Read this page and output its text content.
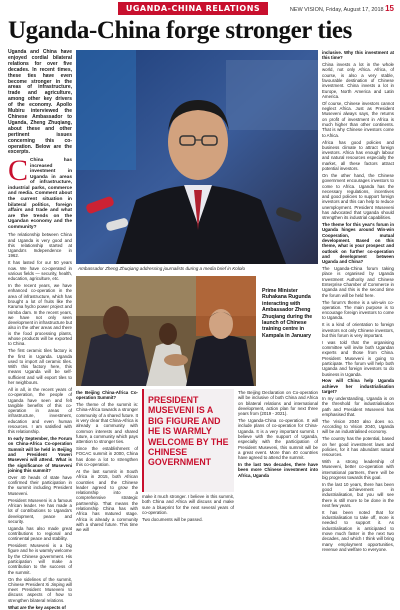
UGANDA-CHINA RELATIONS	NEW VISION, Friday, August 17, 2018 15
Uganda-China forge stronger ties

Uganda and China have enjoyed cordial bilateral relations for over five decades. In recent times, these ties have even become stronger in the areas of infrastructure, trade and agriculture, among other key drivers of the economy. Apollo Mubiru interviewed the Chinese Ambassador to Uganda, Zheng Zhuqiang, about these and other pertinent issues concerning this co-operation. Below are the excerpts.

C China has increased investment in Uganda in areas of infrastructure, industrial parks, commerce and media. Comment about the current situation in bilateral politics, foreign affairs and trade and what are the trends on the Ugandan economy and the community?

The relationship between China and Uganda is very good and this relationship started at Uganda's Independence in 1962.

It has lasted for our 50 years now. We have co-operated in various fields — security, health, education, agriculture, etc.

In the recent years, we have enhanced co-operation in the area of infrastructure, which has brought a lot of fruits like the Karuma hydro power project and Isimba dam. In the recent years, we have not only seen development in infrastructure but also in the other areas and there is the food processing plants, whose products will be exported to China.

The first ceramic tiles factory is the first in Uganda. Uganda used to import all ceramic tiles. With this factory here, this means Uganda will be self-sufficient and will export tiles to her neighbours.

All in all, in the recent years of co-operation, the people of Uganda have seen and felt tangible benefits of this co-operation in areas of infrastructure, investment, education and even human resources. I am satisfied with this relationship.

In early September, the Forum on China-Africa Co-operation Summit will be held in Beijing and President Yoweri Museveni will attend. What is the significance of Museveni joining this summit?

Over 40 heads of state have confirmed their participation in the summit including President Museveni.

President Museveni is a famous African leader. He has made a lot of contributions to Uganda's development, peace and security.

Uganda has also made great contributions to regional and continental peace and stability.

President Museveni is a big figure and he is warmly welcome by the Chinese government. His participation will make a contribution to the success of the summit.

On the sidelines of the summit, Chinese President Xi Jinping will meet President Museveni to discuss aspects of how to strengthen bilateral relations.

What are the key aspects of

Ambassador Zheng Zhuqiang addressing journalists during a media brief in Kololo

inclusive. Why this investment at this time?

China invests a lot in the whole world, not only Africa. Africa, of course, is also a very stable, favourable destination of Chinese investment. China invests a lot in Europe, North America and Latin America.

Of course, Chinese investors cannot neglect Africa. Just as President Museveni always says, the returns on profit of investment in Africa is much higher than other continents. That is why Chinese investors come to Africa.

Africa has good policies and business climate to attract foreign investors. Africa has enough labour and natural resources especially the market, all these factors attract potential investors.

On the other hand, the Chinese government encourages investors to come to Africa. Uganda has the necessary regulations, incentives and good policies to support foreign investors and this can help to reduce unemployment. President Museveni has advocated that Uganda should strengthen its industrial capabilities.

The theme for this year's forum in Uganda hinges around Win-win Cooperation, mutual development. Based on this theme, what is your prospect and outlook on further co-operation and development between Uganda and China?

The Uganda-China forum taking place is organised by Uganda Investment Authority and Chinese Enterprise Chamber of Commerce in Uganda and this is the second time the forum will be held here.

The forum's theme is a win-win co-operation. The main purpose is to encourage foreign investors to come to Uganda.

It is a kind of orientation to foreign investors not only Chinese investors, but this forum is very important.

I was told that the organising committee will invite both Ugandan experts and those from China. President Museveni is going to participate. The forum will help both Uganda and foreign investors to do business in Uganda.

How will China help Uganda achieve her industrialisation target?

In my understanding, Uganda is on the threshold for industrialisation path and President Museveni has emphasised that.

The Vision 2040 also does so. According to Vision 2040, Uganda will be an industrialised economy.

The country has the potential, based on her good investment laws and policies, for it has abundant natural resources.

With a strong leadership of Museveni, better co-operation with international partners, there will be big progress towards this goal.

In the last 10 years, there has been good achievement in industrialisation, but you will see there is still more to be done in the next few years.

It has been noted that for industrialisation to take off, more is needed to support it. As industrialisation is anticipated to move much faster in the next two decades, and which I think will bring many employment opportunities, revenue and welfare to everyone.

Prime Minister Ruhakana Rugunda interacting with Ambassador Zheng Zhuqiang during the launch of Chinese training centre in Kampala in January

the Beijing China-Africa Co-operation Summit?

The theme of the summit is: China-Africa towards a stronger community of a shared future. It is very clear that China-Africa is already a community with common interests and shared future, a community which pays attention to stronger ties.

Since the establishment of FOCAC summit in 2000, China has done a lot to strengthen this co-operation.

At the last summit in South Africa in 2015, both African countries and the Chinese leader agreed to grow the relationship into a comprehensive strategic partnership. That means the relationship China has with Africa has matured stage. Africa is already a community with a shared future. This time we will

PRESIDENT MUSEVENI IS A BIG FIGURE AND HE IS WARMLY WELCOME BY THE CHINESE GOVERNMENT

make it much stronger. I believe in this summit, both China and Africa will discuss and make sure a blueprint for the next several years of co-operation.

Two documents will be passed.

The Beijing Declaration on Co-operation will be inclusive of both China and Africa on bilateral relations and international development, action plan for next three years from (2019 - 2021).

The Uganda-China co-operation. It will include plans of co-operation for China-Uganda. It is a very important summit. I believe with the support of Uganda, especially with the participation of President Museveni, this summit will be a great event. More than 40 countries have agreed to attend the summit.

In the last two decades, there have been more Chinese investment into Africa, Uganda
